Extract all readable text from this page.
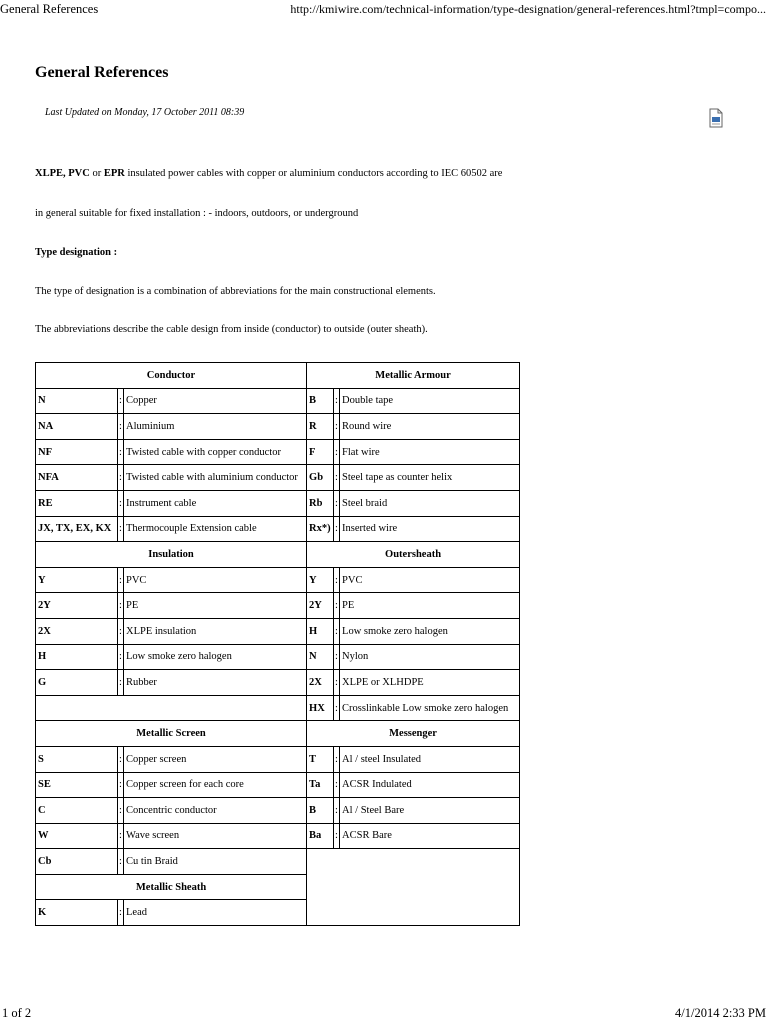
General References	http://kmiwire.com/technical-information/type-designation/general-references.html?tmpl=compo...
General References
Last Updated on Monday, 17 October 2011 08:39
XLPE, PVC or EPR insulated power cables with copper or aluminium conductors according to IEC 60502 are
in general suitable for fixed installation : - indoors, outdoors, or underground
Type designation :
The type of designation is a combination of abbreviations for the main constructional elements.
The abbreviations describe the cable design from inside (conductor) to outside (outer sheath).
Conductor			Metallic Armour		
N	:	Copper	B	:	Double tape
NA	:	Aluminium	R	:	Round wire
NF	:	Twisted cable with copper conductor	F	:	Flat wire
NFA	:	Twisted cable with aluminium conductor	Gb	:	Steel tape as counter helix
RE	:	Instrument cable	Rb	:	Steel braid
JX, TX, EX, KX	:	Thermocouple Extension cable	Rx*)	:	Inserted wire
Insulation			Outersheath		
Y	:	PVC	Y	:	PVC
2Y	:	PE	2Y	:	PE
2X	:	XLPE insulation	H	:	Low smoke zero halogen
H	:	Low smoke zero halogen	N	:	Nylon
G	:	Rubber	2X	:	XLPE or XLHDPE
			HX	:	Crosslinkable Low smoke zero halogen
Metallic Screen			Messenger		
S	:	Copper screen	T	:	Al / steel Insulated
SE	:	Copper screen for each core	Ta	:	ACSR Indulated
C	:	Concentric conductor	B	:	Al / Steel Bare
W	:	Wave screen	Ba	:	ACSR Bare
Cb	:	Cu tin Braid			
Metallic Sheath					
K	:	Lead			
1 of 2	4/1/2014 2:33 PM
